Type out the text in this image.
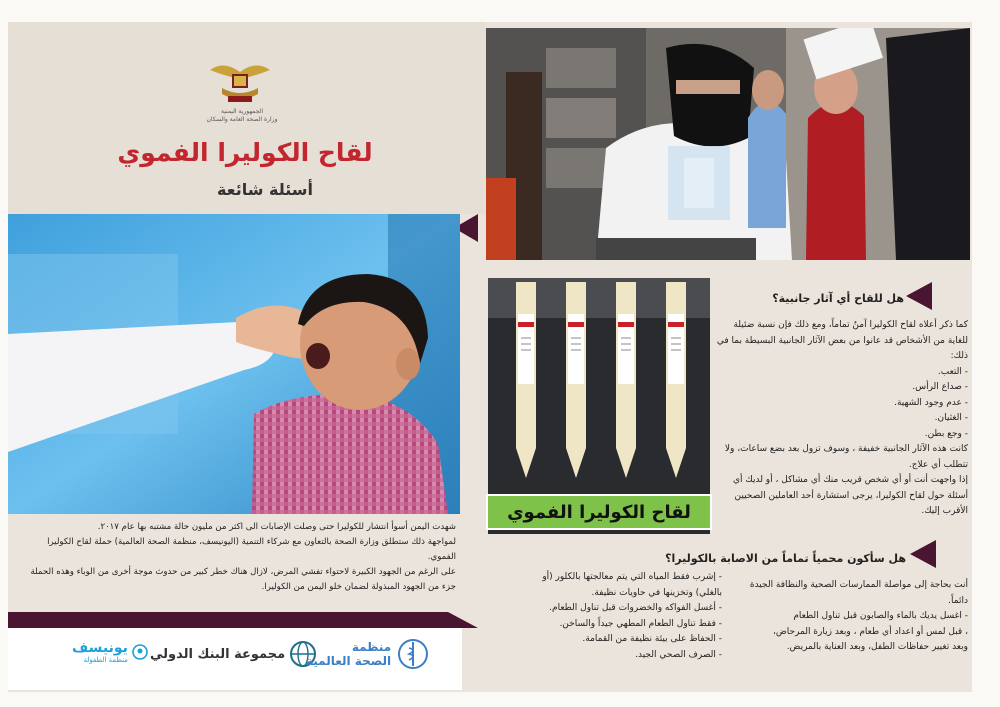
الجمهورية اليمنية
وزارة الصحة العامة والسكان
لقاح الكوليرا الفموي
أسئلة شائعة
لقاح الكوليرا الفموي
هل للقاح أي آثار جانبية؟
كما ذكر أعلاه لقاح الكوليرا آمنٌ تماماً، ومع ذلك فإن نسبة ضئيلة للغاية من الأشخاص قد عانوا من بعض الآثار الجانبية البسيطة بما في ذلك:
- التعب.
- صداع الرأس.
- عدم وجود الشهية.
- الغثيان.
- وجع بطن.
كانت هذه الآثار الجانبية خفيفة ، وسوف تزول بعد بضع ساعات، ولا تتطلب أي علاج.
إذا واجهت أنت أو أي شخص قريب منك أي مشاكل ، أو لديك أي أسئلة حول لقاح الكوليرا، يرجى استشارة أحد العاملين الصحيين الأقرب إليك.
هل سأكون محمياً تماماً من الاصابة بالكوليرا؟
أنت بحاجة إلى مواصلة الممارسات الصحية والنظافة الجيدة دائماً.
- اغسل يديك بالماء والصابون قبل تناول الطعام
، قبل لمس أو اعداد أي طعام ، وبعد زيارة المرحاض،
وبعد تغيير حفاظات الطفل، وبعد العناية بالمريض.
- إشرب فقط المياه التي يتم معالجتها بالكلور (أو
بالغلي) وتخزينها في حاويات نظيفة.
- أغسل الفواكه والخضروات قبل تناول الطعام.
- فقط تناول الطعام المطهي جيداً والساخن.
- الحفاظ على بيئة نظيفة من القمامة.
- الصرف الصحي الجيد.
شهدت اليمن أسوأ انتشار للكوليرا حتى وصلت الإصابات الى اكثر من مليون حالة مشتبه بها عام ٢٠١٧.
لمواجهة ذلك ستطلق وزارة الصحة بالتعاون مع شركاء التنمية (اليونيسف، منظمة الصحة العالمية) حملة لقاح الكوليرا الفموي.
على الرغم من الجهود الكبيرة لاحتواء تفشي المرض، لازال هناك خطر كبير من حدوث موجة أخرى من الوباء وهذه الحملة جزء من الجهود المبذولة لضمان خلو اليمن من الكوليرا.
يونيسف
منظمة الطفولة مجموعة البنك الدولي	منظمة
الصحة العالمية
